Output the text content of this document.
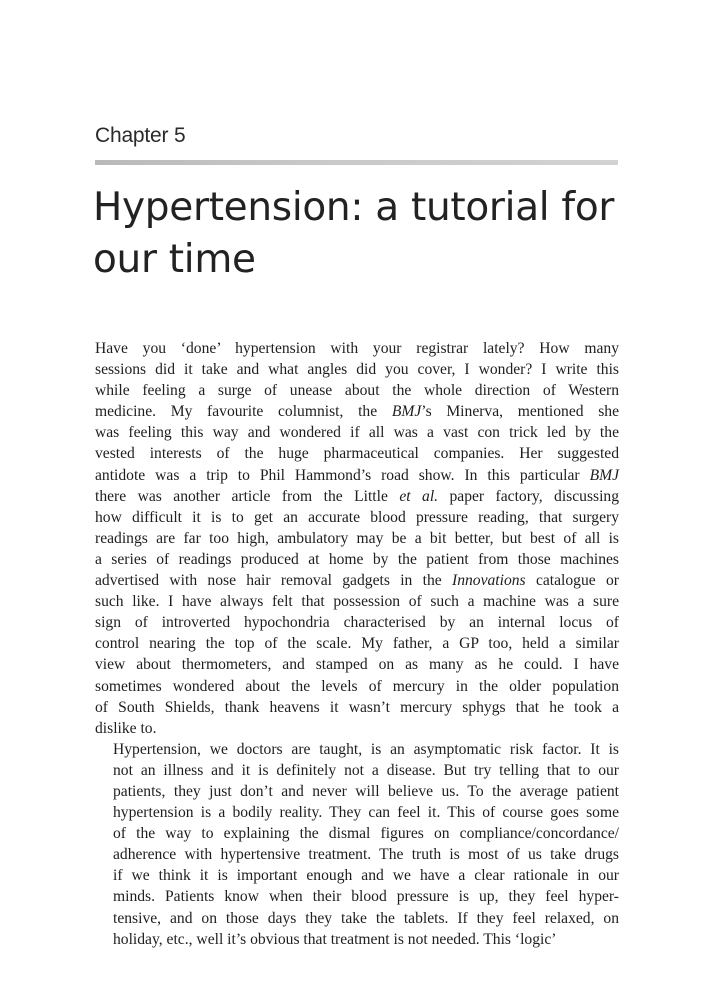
Chapter 5
Hypertension: a tutorial for
our time

Have you ‘done’ hypertension with your registrar lately? How many
sessions did it take and what angles did you cover, I wonder? I write this
while feeling a surge of unease about the whole direction of Western
medicine. My favourite columnist, the BMJ’s Minerva, mentioned she
was feeling this way and wondered if all was a vast con trick led by the
vested interests of the huge pharmaceutical companies. Her suggested
antidote was a trip to Phil Hammond’s road show. In this particular BMJ
there was another article from the Little et al. paper factory, discussing
how difficult it is to get an accurate blood pressure reading, that surgery
readings are far too high, ambulatory may be a bit better, but best of all is
a series of readings produced at home by the patient from those machines
advertised with nose hair removal gadgets in the Innovations catalogue or
such like. I have always felt that possession of such a machine was a sure
sign of introverted hypochondria characterised by an internal locus of
control nearing the top of the scale. My father, a GP too, held a similar
view about thermometers, and stamped on as many as he could. I have
sometimes wondered about the levels of mercury in the older population
of South Shields, thank heavens it wasn’t mercury sphygs that he took a
dislike to.

Hypertension, we doctors are taught, is an asymptomatic risk factor. It is
not an illness and it is definitely not a disease. But try telling that to our
patients, they just don’t and never will believe us. To the average patient
hypertension is a bodily reality. They can feel it. This of course goes some
of the way to explaining the dismal figures on compliance/concordance/
adherence with hypertensive treatment. The truth is most of us take drugs
if we think it is important enough and we have a clear rationale in our
minds. Patients know when their blood pressure is up, they feel hyper-
tensive, and on those days they take the tablets. If they feel relaxed, on
holiday, etc., well it’s obvious that treatment is not needed. This ‘logic’
